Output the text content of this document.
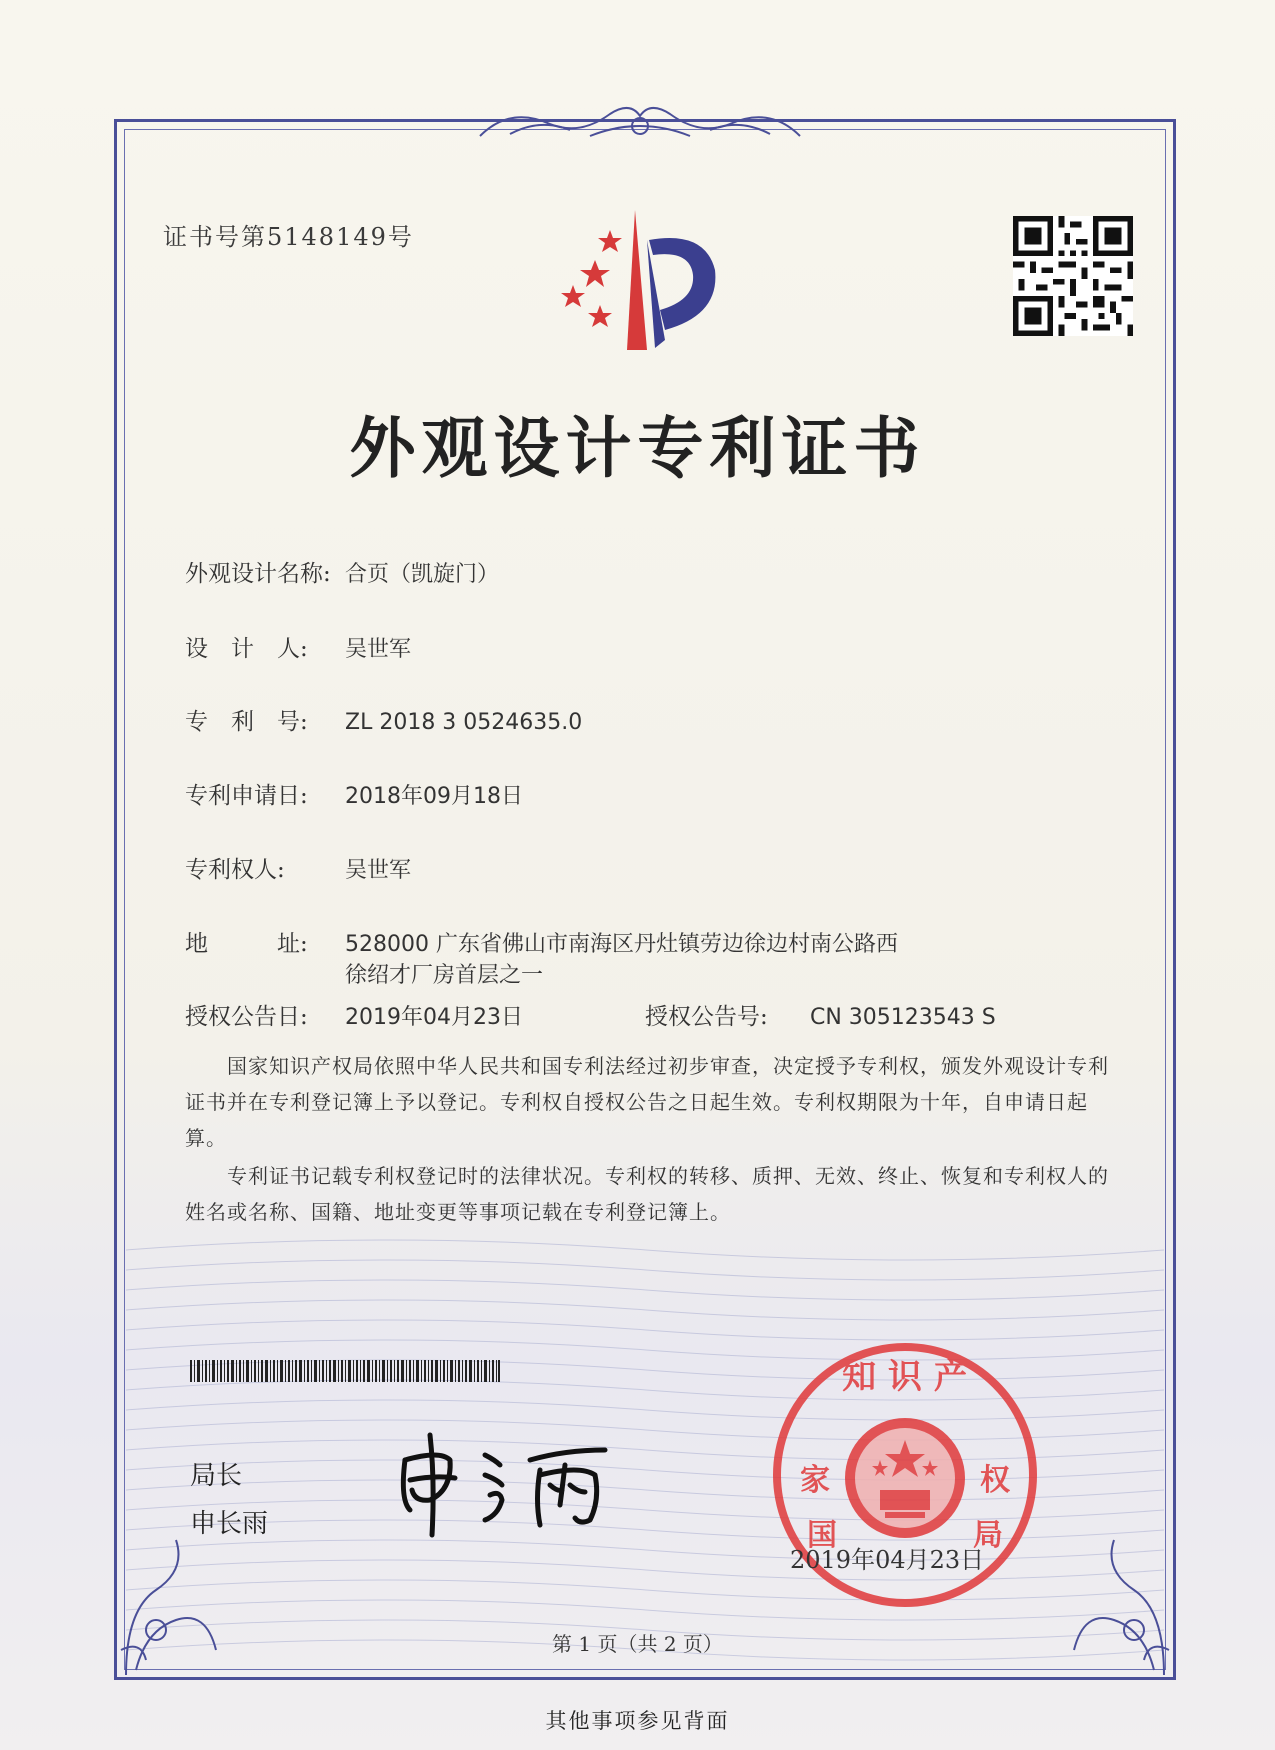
证书号第5148149号
外观设计专利证书
外观设计名称: 合页（凯旋门）
设　计　人: 吴世军
专　利　号: ZL 2018 3 0524635.0
专利申请日: 2018年09月18日
专利权人:	吴世军
地　　　址: 528000 广东省佛山市南海区丹灶镇劳边徐边村南公路西
徐绍才厂房首层之一
授权公告日: 2019年04月23日	授权公告号: CN 305123543 S
　　国家知识产权局依照中华人民共和国专利法经过初步审查，决定授予专利权，颁发外观设计专利证书并在专利登记簿上予以登记。专利权自授权公告之日起生效。专利权期限为十年，自申请日起算。
　　专利证书记载专利权登记时的法律状况。专利权的转移、质押、无效、终止、恢复和专利权人的姓名或名称、国籍、地址变更等事项记载在专利登记簿上。
局长
申长雨
知 识 产
家
国
权
局
2019年04月23日
第 1 页（共 2 页）
其他事项参见背面
